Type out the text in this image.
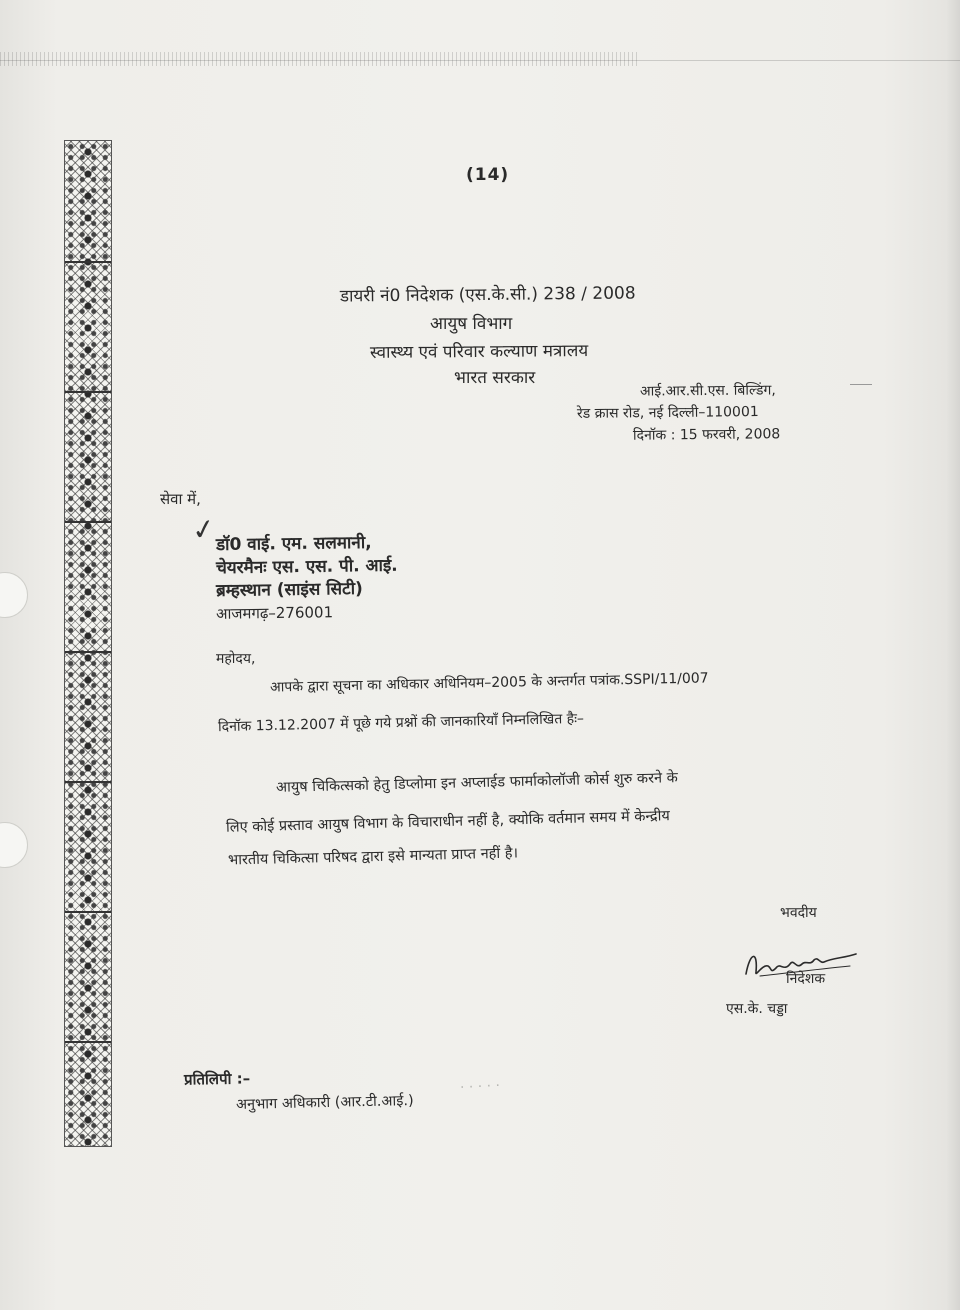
(14)
डायरी नं0 निदेशक (एस.के.सी.) 238 / 2008
आयुष विभाग
स्वास्थ्य एवं परिवार कल्याण मत्रालय
भारत सरकार
आई.आर.सी.एस. बिल्डिंग,
रेड क्रास रोड, नई दिल्ली–110001
दिनॉक : 15 फरवरी, 2008
सेवा में,
✓
डॉ0 वाई. एम. सलमानी,
चेयरमैनः एस. एस. पी. आई.
ब्रम्हस्थान (साइंस सिटी)
आजमगढ़–276001
महोदय,
आपके द्वारा सूचना का अधिकार अधिनियम–2005 के अन्तर्गत पत्रांक.SSPI/11/007
दिनॉक 13.12.2007 में पूछे गये प्रश्नों की जानकारियॉं निम्नलिखित हैः–
आयुष चिकित्सको हेतु डिप्लोमा इन अप्लाईड फार्माकोलॉजी कोर्स शुरु करने के
लिए कोई प्रस्ताव आयुष विभाग के विचाराधीन नहीं है, क्योकि वर्तमान समय में केन्द्रीय
भारतीय चिकित्सा परिषद द्वारा इसे मान्यता प्राप्त नहीं है।
भवदीय
निदेशक
एस.के. चड्डा
प्रतिलिपी :–
अनुभाग अधिकारी (आर.टी.आई.)
· · · · ·
